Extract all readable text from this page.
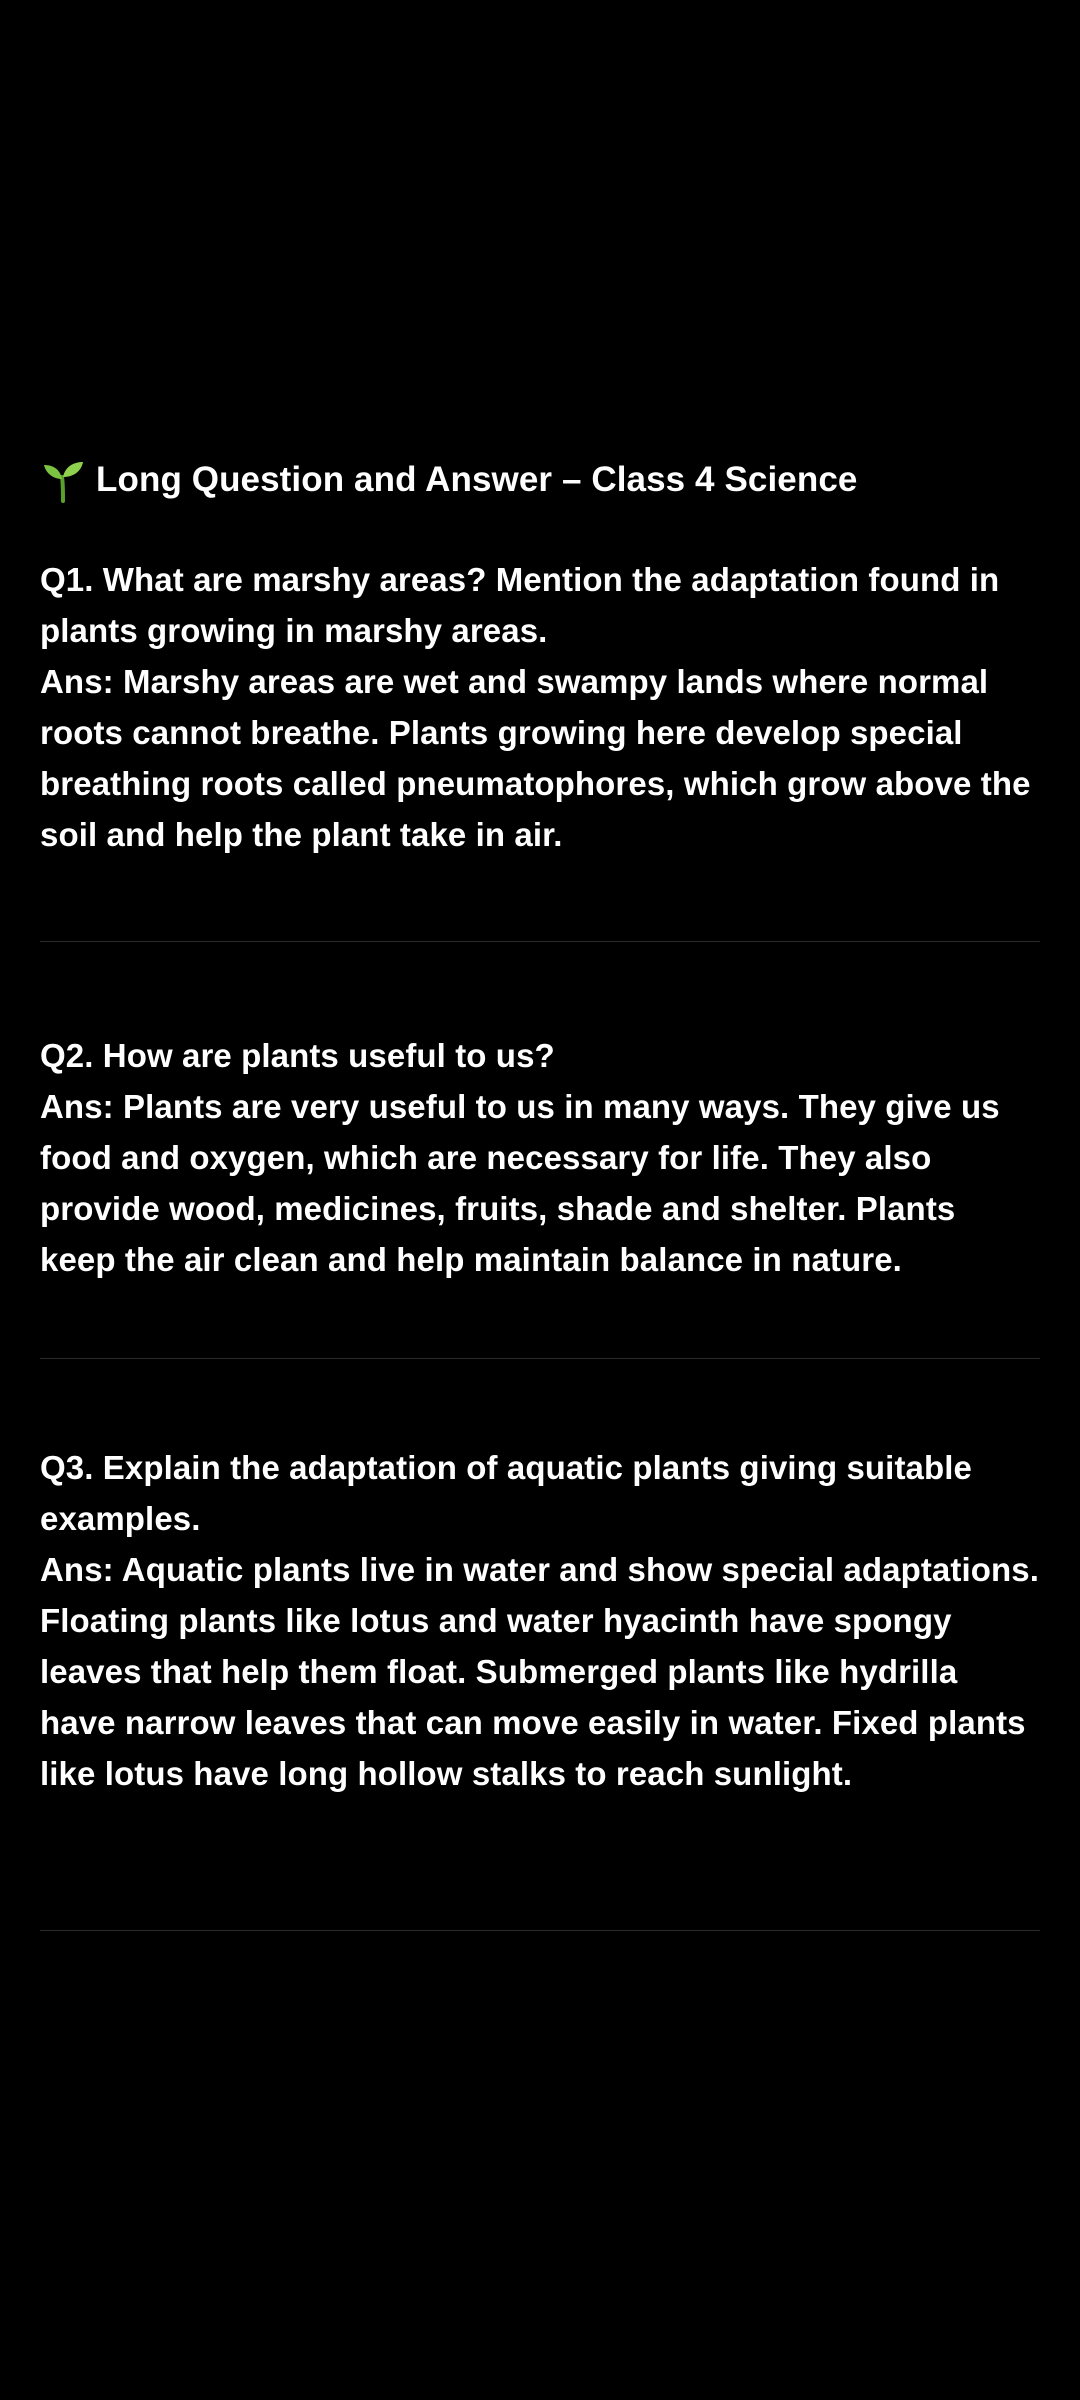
Long Question and Answer – Class 4 Science

Q1. What are marshy areas? Mention the adaptation found in plants growing in marshy areas.

Ans: Marshy areas are wet and swampy lands where normal roots cannot breathe. Plants growing here develop special breathing roots called pneumatophores, which grow above the soil and help the plant take in air.

Q2. How are plants useful to us?

Ans: Plants are very useful to us in many ways. They give us food and oxygen, which are necessary for life. They also provide wood, medicines, fruits, shade and shelter. Plants keep the air clean and help maintain balance in nature.

Q3. Explain the adaptation of aquatic plants giving suitable examples.

Ans: Aquatic plants live in water and show special adaptations. Floating plants like lotus and water hyacinth have spongy leaves that help them float. Submerged plants like hydrilla have narrow leaves that can move easily in water. Fixed plants like lotus have long hollow stalks to reach sunlight.
